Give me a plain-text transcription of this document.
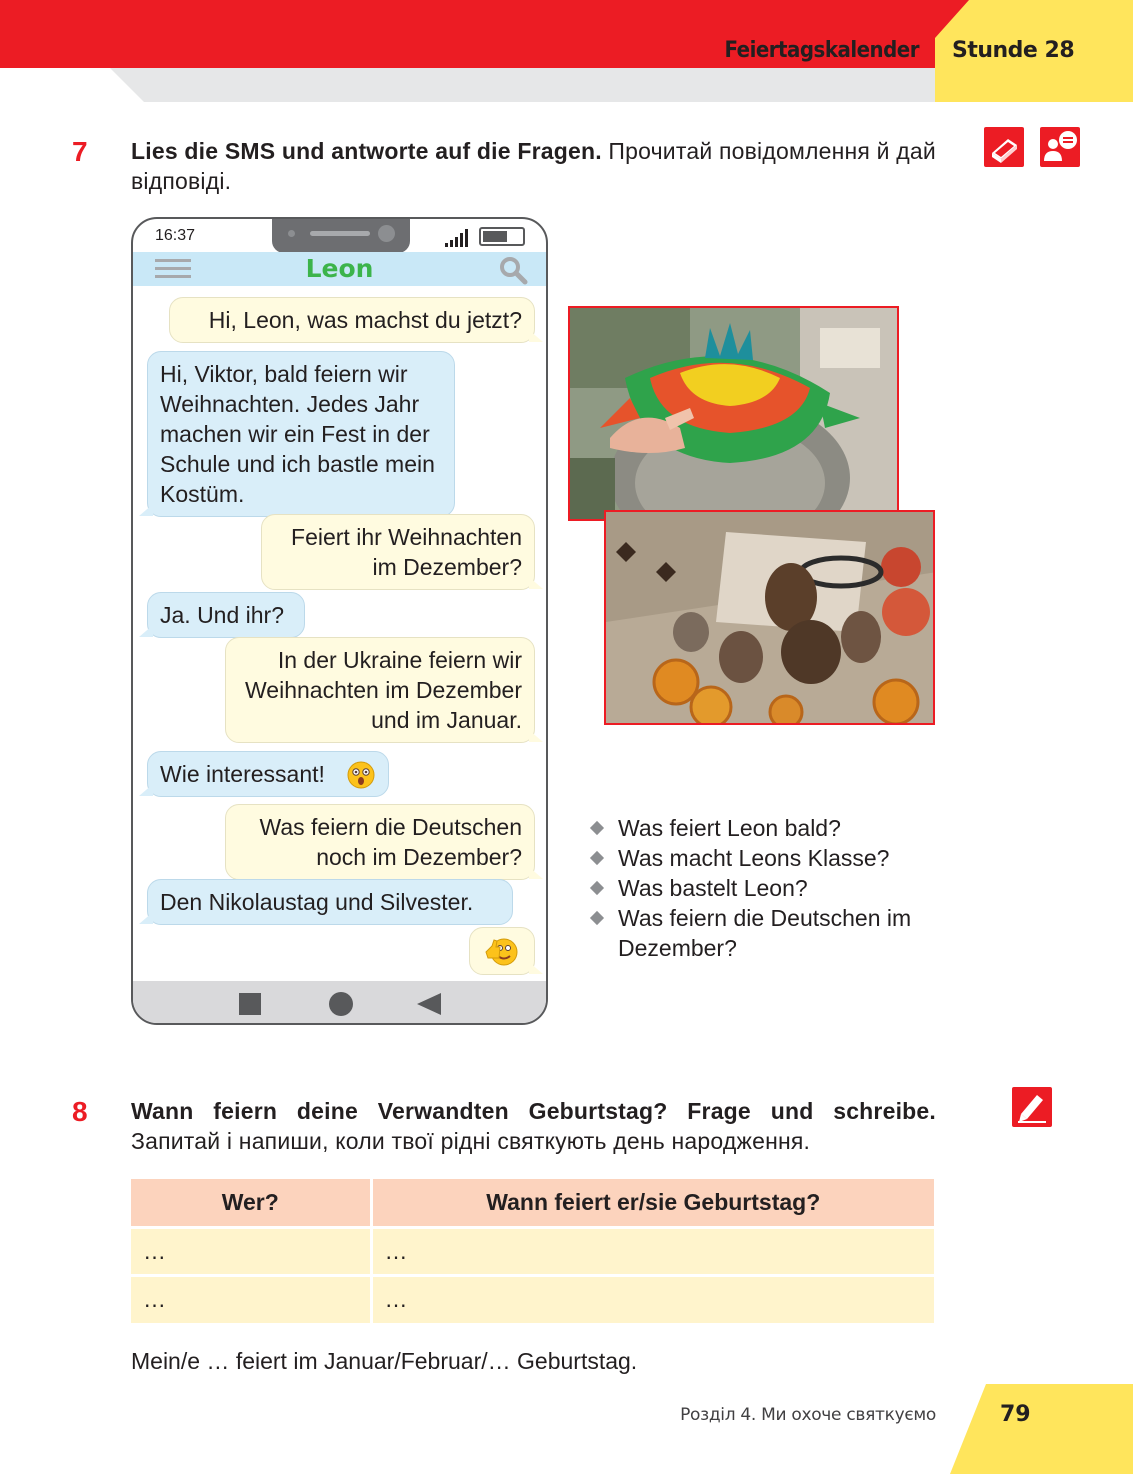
Feiertagskalender Stunde 28
7 Lies die SMS und antworte auf die Fragen. Прочитай повідомлення й дай відповіді.
16:37
Leon
Hi, Leon, was machst du jetzt?
Hi, Viktor, bald feiern wir Weihnachten. Jedes Jahr machen wir ein Fest in der Schule und ich bastle mein Kostüm.
Feiert ihr Weihnachten im Dezember?
Ja. Und ihr?
In der Ukraine feiern wir Weihnachten im Dezember und im Januar.
Wie interessant!
Was feiern die Deutschen noch im Dezember?
Den Nikolaustag und Silvester.
Was feiert Leon bald?
Was macht Leons Klasse?
Was bastelt Leon?
Was feiern die Deutschen im Dezember?
8 Wann feiern deine Verwandten Geburtstag? Frage und schreibe.
Запитай і напиши, коли твої рідні святкують день народження.
Wer?	Wann feiert er/sie Geburtstag?
…	…
…	…
Mein/e … feiert im Januar/Februar/… Geburtstag.
Розділ 4. Ми охоче святкуємо	79
